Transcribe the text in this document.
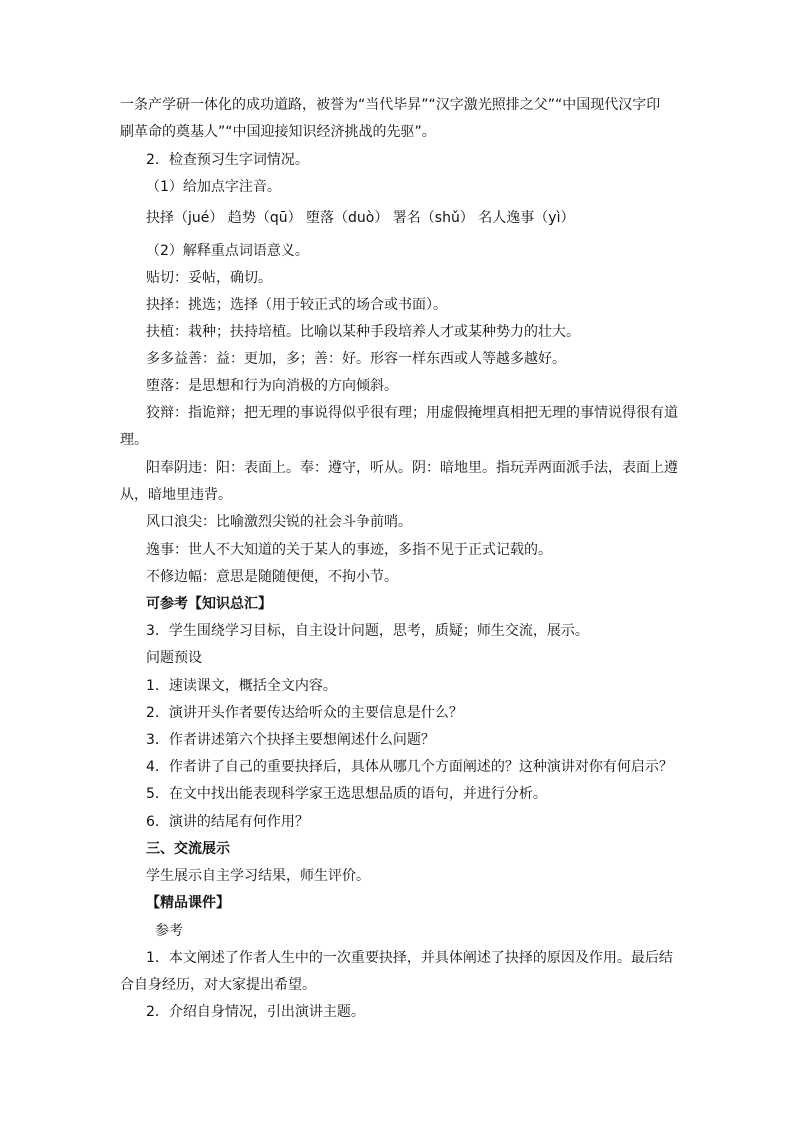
一条产学研一体化的成功道路，被誉为“当代毕昇”“汉字激光照排之父”“中国现代汉字印
刷革命的奠基人”“中国迎接知识经济挑战的先驱”。
2．检查预习生字词情况。
（1）给加点字注音。
抉择（jué） 趋势（qū） 堕落（duò） 署名（shǔ） 名人逸事（yì）
（2）解释重点词语意义。
贴切：妥帖，确切。
抉择：挑选；选择（用于较正式的场合或书面）。
扶植：栽种；扶持培植。比喻以某种手段培养人才或某种势力的壮大。
多多益善：益：更加，多；善：好。形容一样东西或人等越多越好。
堕落：是思想和行为向消极的方向倾斜。
狡辩：指诡辩；把无理的事说得似乎很有理；用虚假掩埋真相把无理的事情说得很有道
理。
阳奉阴违：阳：表面上。奉：遵守，听从。阴：暗地里。指玩弄两面派手法，表面上遵
从，暗地里违背。
风口浪尖：比喻激烈尖锐的社会斗争前哨。
逸事：世人不大知道的关于某人的事迹，多指不见于正式记载的。
不修边幅：意思是随随便便，不拘小节。
可参考【知识总汇】
3．学生围绕学习目标，自主设计问题，思考，质疑；师生交流，展示。
问题预设
1．速读课文，概括全文内容。
2．演讲开头作者要传达给听众的主要信息是什么？
3．作者讲述第六个抉择主要想阐述什么问题？
4．作者讲了自己的重要抉择后，具体从哪几个方面阐述的？这种演讲对你有何启示？
5．在文中找出能表现科学家王选思想品质的语句，并进行分析。
6．演讲的结尾有何作用？
三、交流展示
学生展示自主学习结果，师生评价。
【精品课件】
参考
1．本文阐述了作者人生中的一次重要抉择，并具体阐述了抉择的原因及作用。最后结
合自身经历，对大家提出希望。
2．介绍自身情况，引出演讲主题。
